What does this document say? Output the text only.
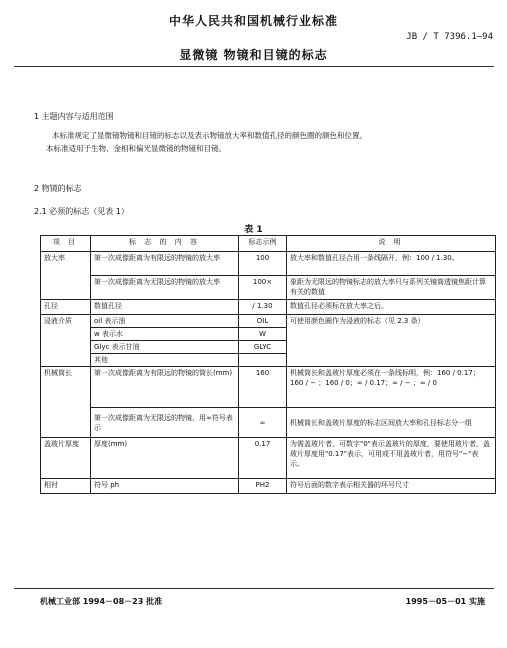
中华人民共和国机械行业标准
JB / T 7396.1—94
显微镜 物镜和目镜的标志
1 主题内容与适用范围
本标准规定了显微镜物镜和目镜的标志以及表示物镜放大率和数值孔径的颜色圈的颜色和位置。
本标准适用于生物、金相和偏光显微镜的物镜和目镜。
2 物镜的标志
2.1 必须的标志（见表 1）
表 1
项 目	标 志 的 内 容	标志示例	说 明
放大率	第一次成像距离为有限远的物镜的放大率	100	放大率和数值孔径合用一条线隔开，例：100 / 1.30。
	第一次成像距离为无限远的物镜的放大率	100×	象距为无限远的物镜标志的放大率只与系列关镜筒透镜焦距计算有关的数值
孔径	数值孔径	/ 1.30	数值孔径必须标在放大率之后。
浸液介质	oil 表示油	OIL	可使用颜色圈作为浸液的标志（见 2.3 条）
	w 表示水	W	
	Glyc 表示甘油	GLYC	
	其他		
机械筒长	第一次成像距离为有限远的物镜的筒长(mm)	160	机械筒长和盖玻片厚度必须在一条线标明，例：160 / 0.17；160 / − ；160 / 0；∞ / 0.17；∞ / − ；∞ / 0
	第一次成像距离为无限远的物镜，用∞符号表示	∞	机械筒长和盖玻片厚度的标志区间放大率和孔径标志分一组
盖玻片厚度	厚度(mm)	0.17	为需盖玻片者，可数字"0"表示盖玻片的厚度，要使用玻片者，盖玻片厚度用"0.17"表示，可用或不用盖玻片者，用符号"−"表示。
相衬	符号 ph	PH2	符号后面的数字表示相关器的环号尺寸
机械工业部 1994－08－23 批准	1995－05－01 实施
